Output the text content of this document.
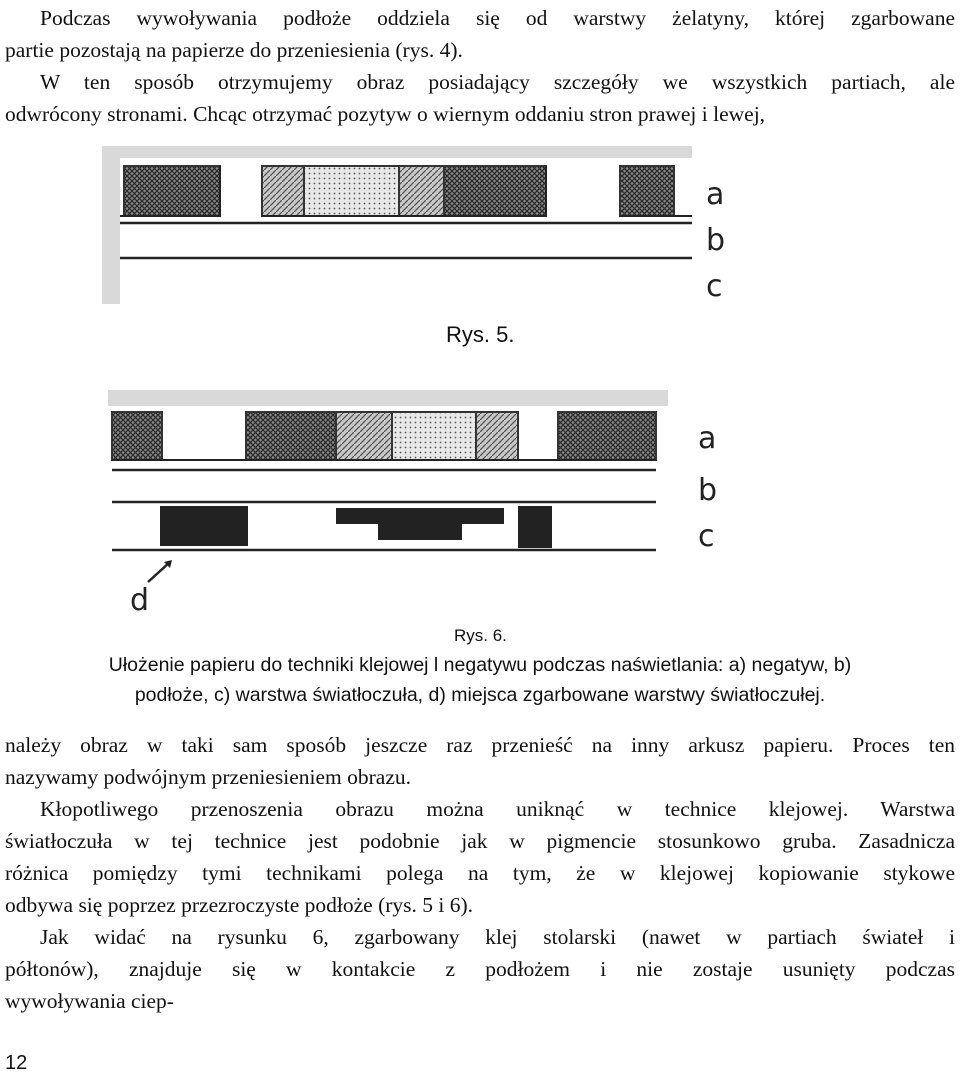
Podczas wywoływania podłoże oddziela się od warstwy żelatyny, której zgarbowane
partie pozostają na papierze do przeniesienia (rys. 4).
W ten sposób otrzymujemy obraz posiadający szczegóły we wszystkich partiach, ale
odwrócony stronami. Chcąc otrzymać pozytyw o wiernym oddaniu stron prawej i lewej,
a
b
c
Rys. 5.
a
b
c
d
Rys. 6.
Ułożenie papieru do techniki klejowej l negatywu podczas naświetlania: a) negatyw, b)
podłoże, c) warstwa światłoczuła, d) miejsca zgarbowane warstwy światłoczułej.
należy obraz w taki sam sposób jeszcze raz przenieść na inny arkusz papieru. Proces ten
nazywamy podwójnym przeniesieniem obrazu.
Kłopotliwego przenoszenia obrazu można uniknąć w technice klejowej. Warstwa
światłoczuła w tej technice jest podobnie jak w pigmencie stosunkowo gruba. Zasadnicza
różnica pomiędzy tymi technikami polega na tym, że w klejowej kopiowanie stykowe
odbywa się poprzez przezroczyste podłoże (rys. 5 i 6).
Jak widać na rysunku 6, zgarbowany klej stolarski (nawet w partiach świateł i
półtonów), znajduje się w kontakcie z podłożem i nie zostaje usunięty podczas
wywoływania ciep-
12
